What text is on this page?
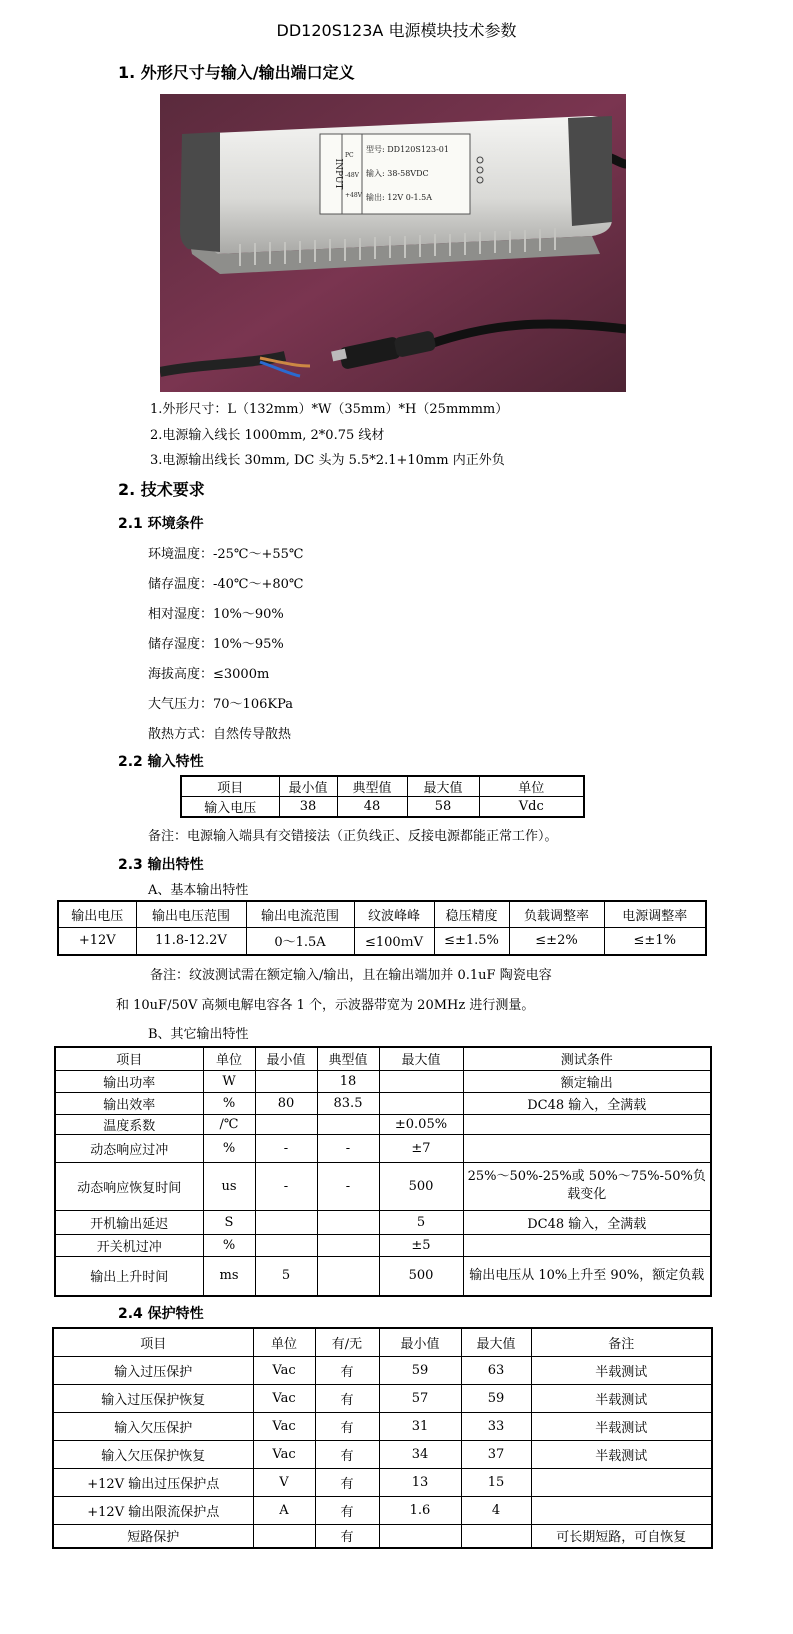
DD120S123A 电源模块技术参数
1. 外形尺寸与输入/输出端口定义
INPUT
PC
-48V
+48V
型号: DD120S123-01
输入: 38-58VDC
输出: 12V 0-1.5A
1.外形尺寸：L（132mm）*W（35mm）*H（25mmmm）
2.电源输入线长 1000mm, 2*0.75 线材
3.电源输出线长 30mm, DC 头为 5.5*2.1+10mm 内正外负
2. 技术要求
2.1 环境条件
环境温度：-25℃～+55℃
储存温度：-40℃～+80℃
相对湿度：10%～90%
储存湿度：10%～95%
海拔高度：≤3000m
大气压力：70～106KPa
散热方式：自然传导散热
2.2 输入特性
项目	最小值	典型值	最大值	单位
输入电压	38	48	58	Vdc
备注：电源输入端具有交错接法（正负线正、反接电源都能正常工作）。
2.3 输出特性
A、基本输出特性
输出电压	输出电压范围	输出电流范围	纹波峰峰	稳压精度	负载调整率	电源调整率
+12V	11.8-12.2V	0～1.5A	≤100ｍV	≤±1.5%	≤±2%	≤±1%
备注：纹波测试需在额定输入/输出，且在输出端加并 0.1uF 陶瓷电容
和 10uF/50V 高频电解电容各 1 个，示波器带宽为 20MHz 进行测量。
B、其它输出特性
项目	单位	最小值	典型值	最大值	测试条件
输出功率	W		18		额定输出
输出效率	%	80	83.5		DC48 输入，全满载
温度系数	/℃			±0.05%	
动态响应过冲	%	-	-	±7	
动态响应恢复时间	us	-	-	500	25%～50%-25%或 50%～75%-50%负载变化
开机输出延迟	S			5	DC48 输入，全满载
开关机过冲	%			±5	
输出上升时间	ms	5		500	输出电压从 10%上升至 90%，额定负载
2.4 保护特性
项目	单位	有/无	最小值	最大值	备注
输入过压保护	Vac	有	59	63	半载测试
输入过压保护恢复	Vac	有	57	59	半载测试
输入欠压保护	Vac	有	31	33	半载测试
输入欠压保护恢复	Vac	有	34	37	半载测试
+12V 输出过压保护点	V	有	13	15	
+12V 输出限流保护点	A	有	1.6	4	
短路保护		有			可长期短路，可自恢复
